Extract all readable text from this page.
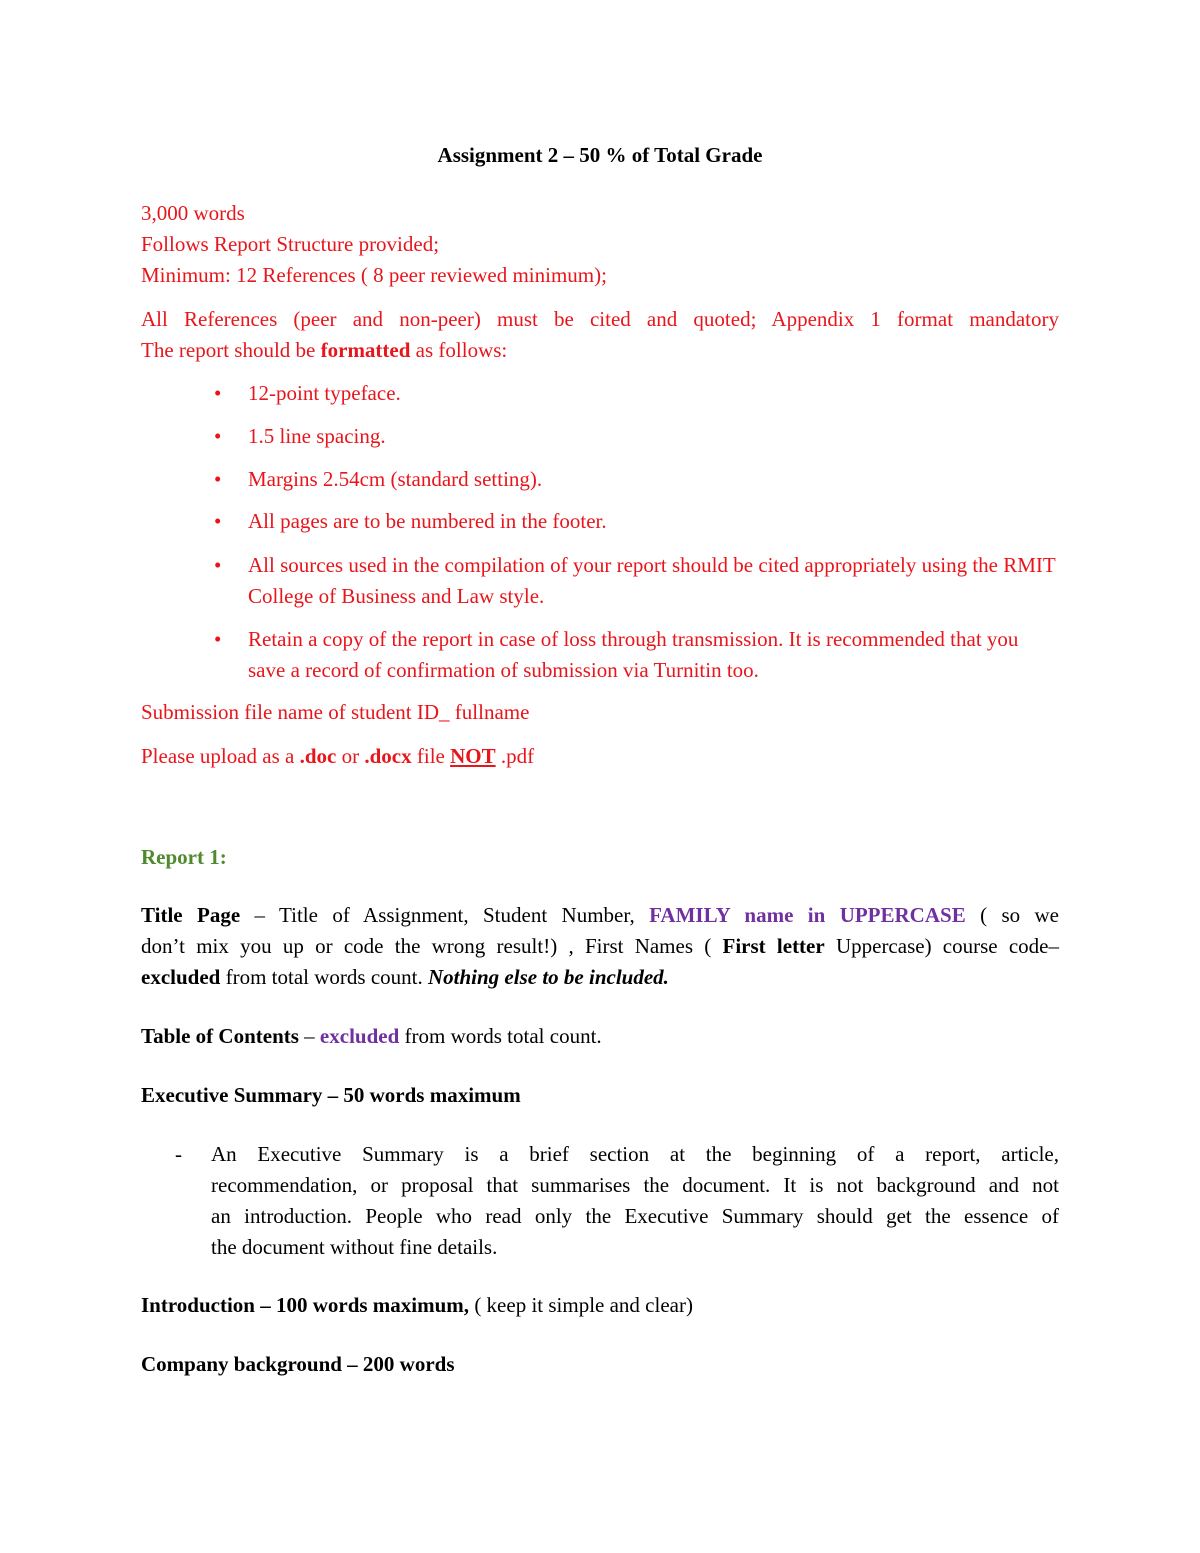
Assignment 2 – 50 % of Total Grade
3,000 words
Follows Report Structure provided;
Minimum: 12 References ( 8 peer reviewed minimum);
All References (peer and non-peer) must be cited and quoted; Appendix 1 format mandatory
The report should be formatted as follows:
• 12-point typeface.
• 1.5 line spacing.
• Margins 2.54cm (standard setting).
• All pages are to be numbered in the footer.
• All sources used in the compilation of your report should be cited appropriately using the RMIT College of Business and Law style.
• Retain a copy of the report in case of loss through transmission. It is recommended that you save a record of confirmation of submission via Turnitin too.
Submission file name of student ID_ fullname
Please upload as a .doc or .docx file NOT .pdf
Report 1:
Title Page – Title of Assignment, Student Number, FAMILY name in UPPERCASE ( so we
don’t mix you up or code the wrong result!) , First Names ( First letter Uppercase) course code–
excluded from total words count. Nothing else to be included.
Table of Contents – excluded from words total count.
Executive Summary – 50 words maximum
- An Executive Summary is a brief section at the beginning of a report, article,
recommendation, or proposal that summarises the document. It is not background and not
an introduction. People who read only the Executive Summary should get the essence of
the document without fine details.
Introduction – 100 words maximum, ( keep it simple and clear)
Company background – 200 words
